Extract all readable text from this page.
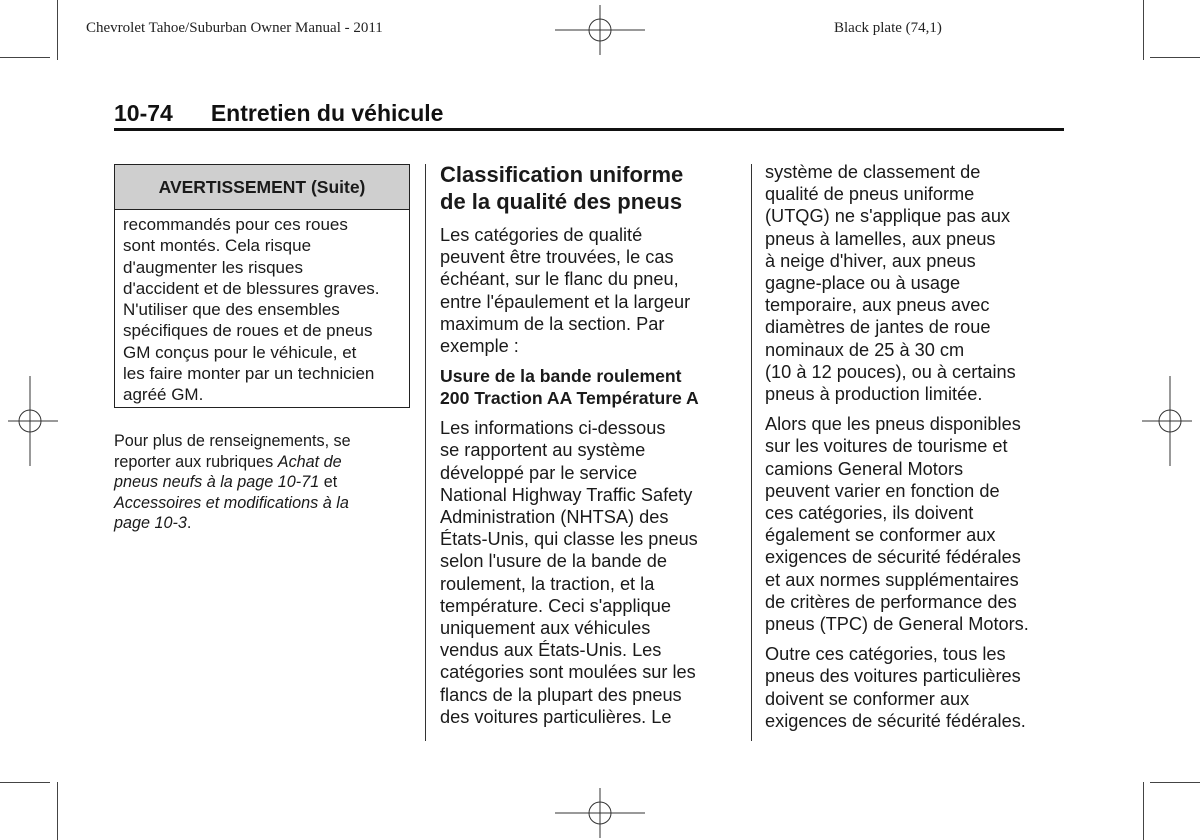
Chevrolet Tahoe/Suburban Owner Manual - 2011	Black plate (74,1)
10-74 Entretien du véhicule
AVERTISSEMENT (Suite)

recommandés pour ces roues

sont montés. Cela risque

d'augmenter les risques

d'accident et de blessures graves.

N'utiliser que des ensembles

spécifiques de roues et de pneus

GM conçus pour le véhicule, et

les faire monter par un technicien

agréé GM.

Pour plus de renseignements, se

reporter aux rubriques Achat de

pneus neufs à la page 10-71 et

Accessoires et modifications à la

page 10-3.

Classification uniforme
de la qualité des pneus
Les catégories de qualité
peuvent être trouvées, le cas
échéant, sur le flanc du pneu,
entre l'épaulement et la largeur
maximum de la section. Par
exemple :
Usure de la bande roulement
200 Traction AA Température A
Les informations ci-dessous
se rapportent au système
développé par le service
National Highway Traffic Safety
Administration (NHTSA) des
États-Unis, qui classe les pneus
selon l'usure de la bande de
roulement, la traction, et la
température. Ceci s'applique
uniquement aux véhicules
vendus aux États-Unis. Les
catégories sont moulées sur les
flancs de la plupart des pneus
des voitures particulières. Le
système de classement de
qualité de pneus uniforme
(UTQG) ne s'applique pas aux
pneus à lamelles, aux pneus
à neige d'hiver, aux pneus
gagne-place ou à usage
temporaire, aux pneus avec
diamètres de jantes de roue
nominaux de 25 à 30 cm
(10 à 12 pouces), ou à certains
pneus à production limitée.
Alors que les pneus disponibles
sur les voitures de tourisme et
camions General Motors
peuvent varier en fonction de
ces catégories, ils doivent
également se conformer aux
exigences de sécurité fédérales
et aux normes supplémentaires
de critères de performance des
pneus (TPC) de General Motors.
Outre ces catégories, tous les
pneus des voitures particulières
doivent se conformer aux
exigences de sécurité fédérales.
